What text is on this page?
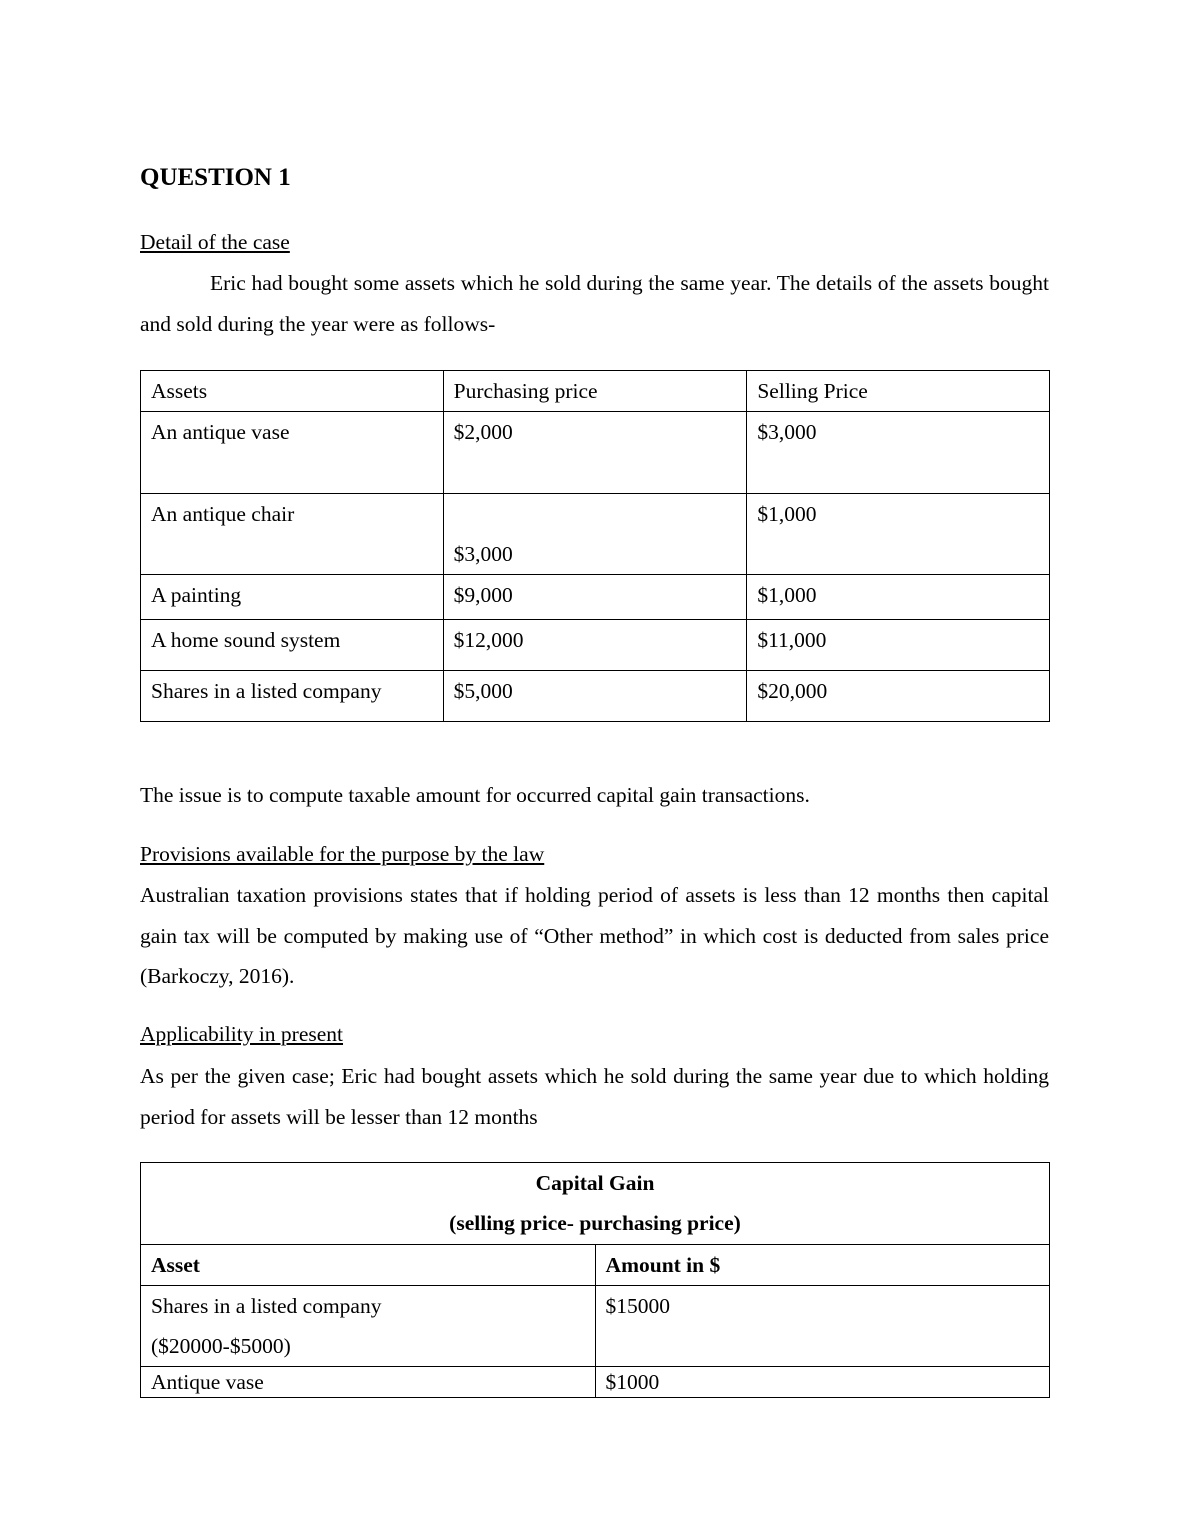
QUESTION 1
Detail of the case
Eric had bought some assets which he sold during the same year. The details of the assets bought and sold during the year were as follows-
Assets	Purchasing price	Selling Price
An antique vase	$2,000	$3,000
An antique chair	$3,000	$1,000
A painting	$9,000	$1,000
A home sound system	$12,000	$11,000
Shares in a listed company	$5,000	$20,000
The issue is to compute taxable amount for occurred capital gain transactions.
Provisions available for the purpose by the law
Australian taxation provisions states that if holding period of assets is less than 12 months then capital gain tax will be computed by making use of “Other method” in which cost is deducted from sales price (Barkoczy, 2016).
Applicability in present
As per the given case; Eric had bought assets which he sold during the same year due to which holding period for assets will be lesser than 12 months
Capital Gain
(selling price- purchasing price)	

Asset	Amount in $

Shares in a listed company
($20000-$5000)	$15000
Antique vase	$1000
